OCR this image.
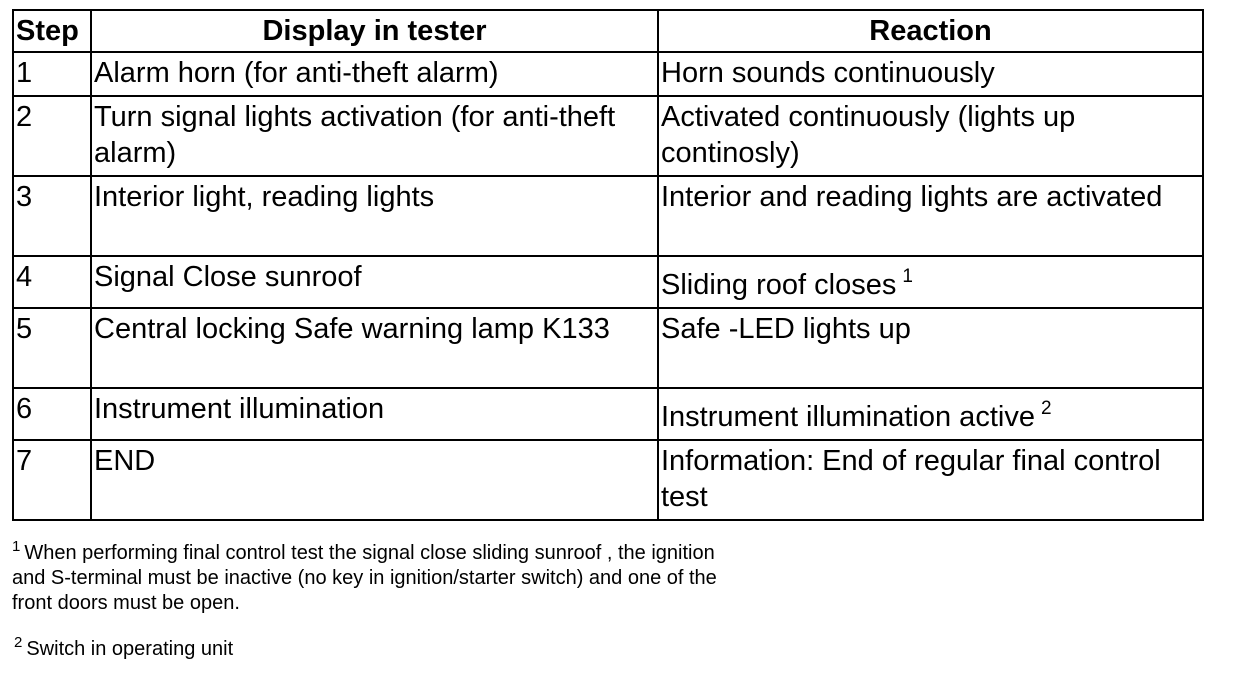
Step	Display in tester	Reaction
1	Alarm horn (for anti-theft alarm)	Horn sounds continuously
2	Turn signal lights activation (for anti-theft alarm)	Activated continuously (lights up continosly)
3	Interior light, reading lights	Interior and reading lights are activated
4	Signal Close sunroof	Sliding roof closes $^1$
5	Central locking Safe warning lamp K133	Safe -LED lights up
6	Instrument illumination	Instrument illumination active $^2$
7	END	Information: End of regular final control test
$^1$ When performing final control test the signal close sliding sunroof , the ignition and S-terminal must be inactive (no key in ignition/starter switch) and one of the front doors must be open.
$^2$ Switch in operating unit
